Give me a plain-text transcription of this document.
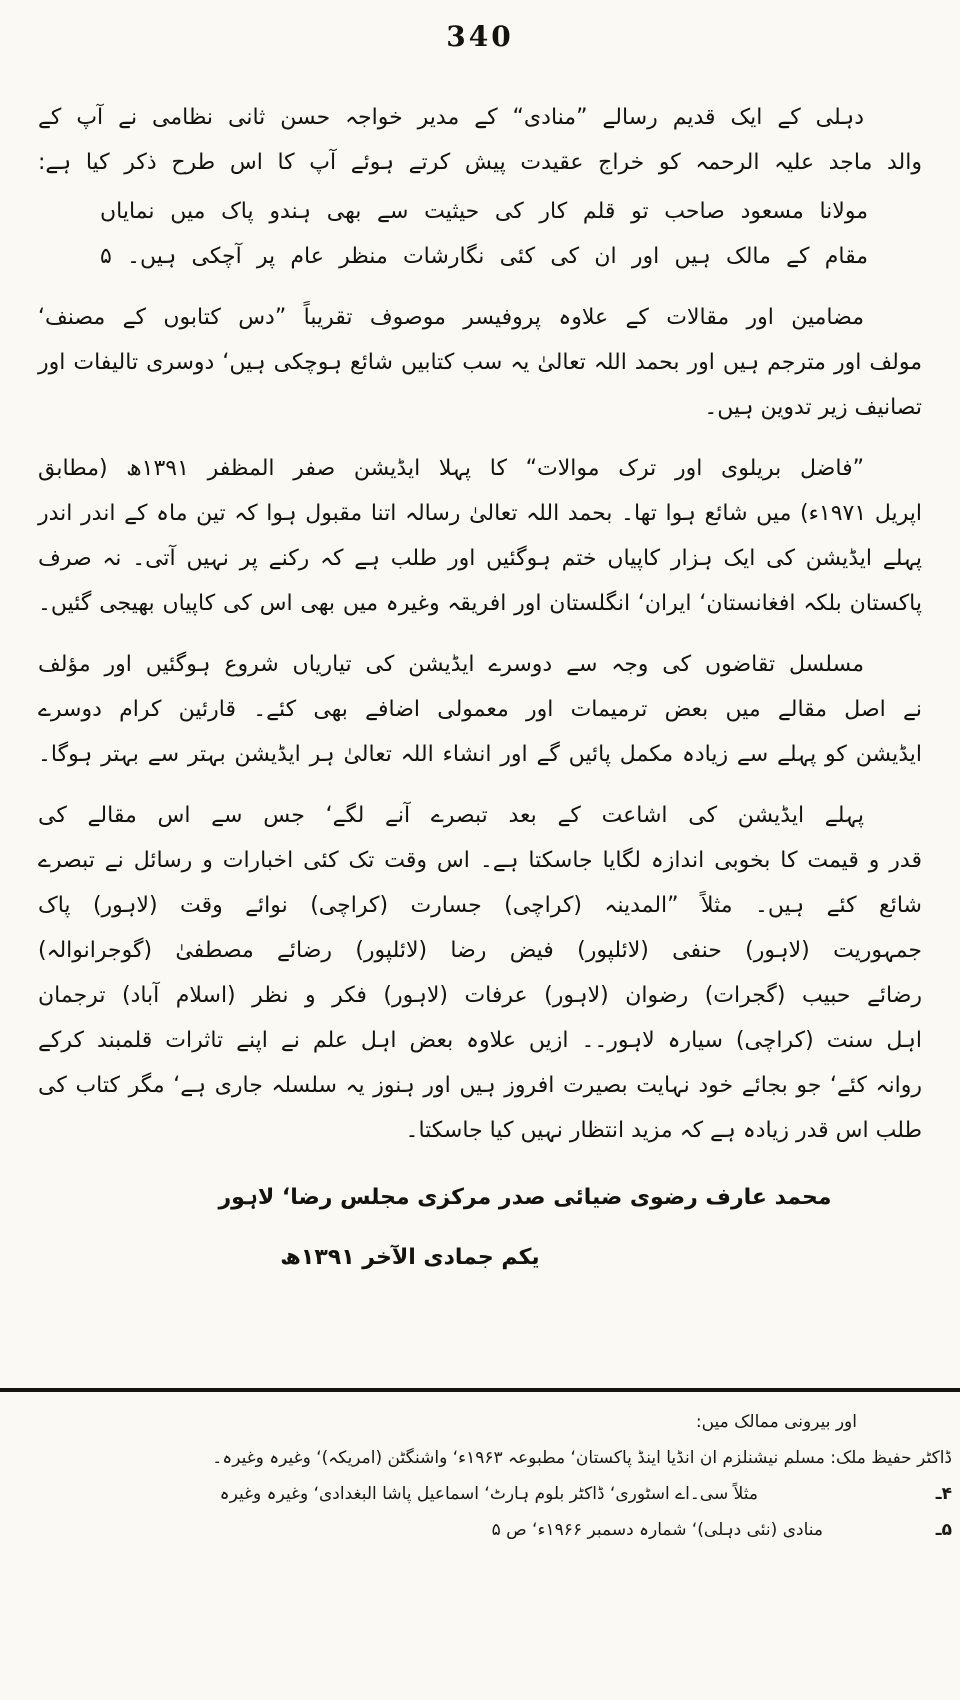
340
دہلی کے ایک قدیم رسالے ”منادی“ کے مدیر خواجہ حسن ثانی نظامی نے آپ کے
والد ماجد علیہ الرحمہ کو خراج عقیدت پیش کرتے ہوئے آپ کا اس طرح ذکر کیا ہے:
مولانا مسعود صاحب تو قلم کار کی حیثیت سے بھی ہندو پاک میں نمایاں
مقام کے مالک ہیں اور ان کی کئی نگارشات منظر عام پر آچکی ہیں۔ ۵
مضامین اور مقالات کے علاوہ پروفیسر موصوف تقریباً ”دس کتابوں کے مصنف‘
مولف اور مترجم ہیں اور بحمد اللہ تعالیٰ یہ سب کتابیں شائع ہوچکی ہیں‘ دوسری تالیفات اور
تصانیف زیر تدوین ہیں۔
”فاضل بریلوی اور ترک موالات“ کا پہلا ایڈیشن صفر المظفر ۱۳۹۱ھ (مطابق
اپریل ۱۹۷۱ء) میں شائع ہوا تھا۔ بحمد اللہ تعالیٰ رسالہ اتنا مقبول ہوا کہ تین ماہ کے اندر اندر
پہلے ایڈیشن کی ایک ہزار کاپیاں ختم ہوگئیں اور طلب ہے کہ رکنے پر نہیں آتی۔ نہ صرف
پاکستان بلکہ افغانستان‘ ایران‘ انگلستان اور افریقہ وغیرہ میں بھی اس کی کاپیاں بھیجی گئیں۔
مسلسل تقاضوں کی وجہ سے دوسرے ایڈیشن کی تیاریاں شروع ہوگئیں اور مؤلف
نے اصل مقالے میں بعض ترمیمات اور معمولی اضافے بھی کئے۔ قارئین کرام دوسرے
ایڈیشن کو پہلے سے زیادہ مکمل پائیں گے اور انشاء اللہ تعالیٰ ہر ایڈیشن بہتر سے بہتر ہوگا۔
پہلے ایڈیشن کی اشاعت کے بعد تبصرے آنے لگے‘ جس سے اس مقالے کی
قدر و قیمت کا بخوبی اندازہ لگایا جاسکتا ہے۔ اس وقت تک کئی اخبارات و رسائل نے تبصرے
شائع کئے ہیں۔ مثلاً ”المدینہ (کراچی) جسارت (کراچی) نوائے وقت (لاہور) پاک
جمہوریت (لاہور) حنفی (لائلپور) فیض رضا (لائلپور) رضائے مصطفیٰ (گوجرانوالہ)
رضائے حبیب (گجرات) رضوان (لاہور) عرفات (لاہور) فکر و نظر (اسلام آباد) ترجمان
اہل سنت (کراچی) سیارہ لاہور۔۔ ازیں علاوہ بعض اہل علم نے اپنے تاثرات قلمبند کرکے
روانہ کئے‘ جو بجائے خود نہایت بصیرت افروز ہیں اور ہنوز یہ سلسلہ جاری ہے‘ مگر کتاب کی
طلب اس قدر زیادہ ہے کہ مزید انتظار نہیں کیا جاسکتا۔
محمد عارف رضوی ضیائی صدر مرکزی مجلس رضا‘ لاہور
یکم جمادی الآخر ۱۳۹۱ھ
اور بیرونی ممالک میں:
ڈاکٹر حفیظ ملک: مسلم نیشنلزم ان انڈیا اینڈ پاکستان‘ مطبوعہ ۱۹۶۳ء‘ واشنگٹن (امریکہ)‘ وغیرہ وغیرہ۔
۴ـ
مثلاً سی۔اے اسٹوری‘ ڈاکٹر بلوم ہارٹ‘ اسماعیل پاشا البغدادی‘ وغیرہ وغیرہ
۵ـ
منادی (نئی دہلی)‘ شمارہ دسمبر ۱۹۶۶ء‘ ص ۵
